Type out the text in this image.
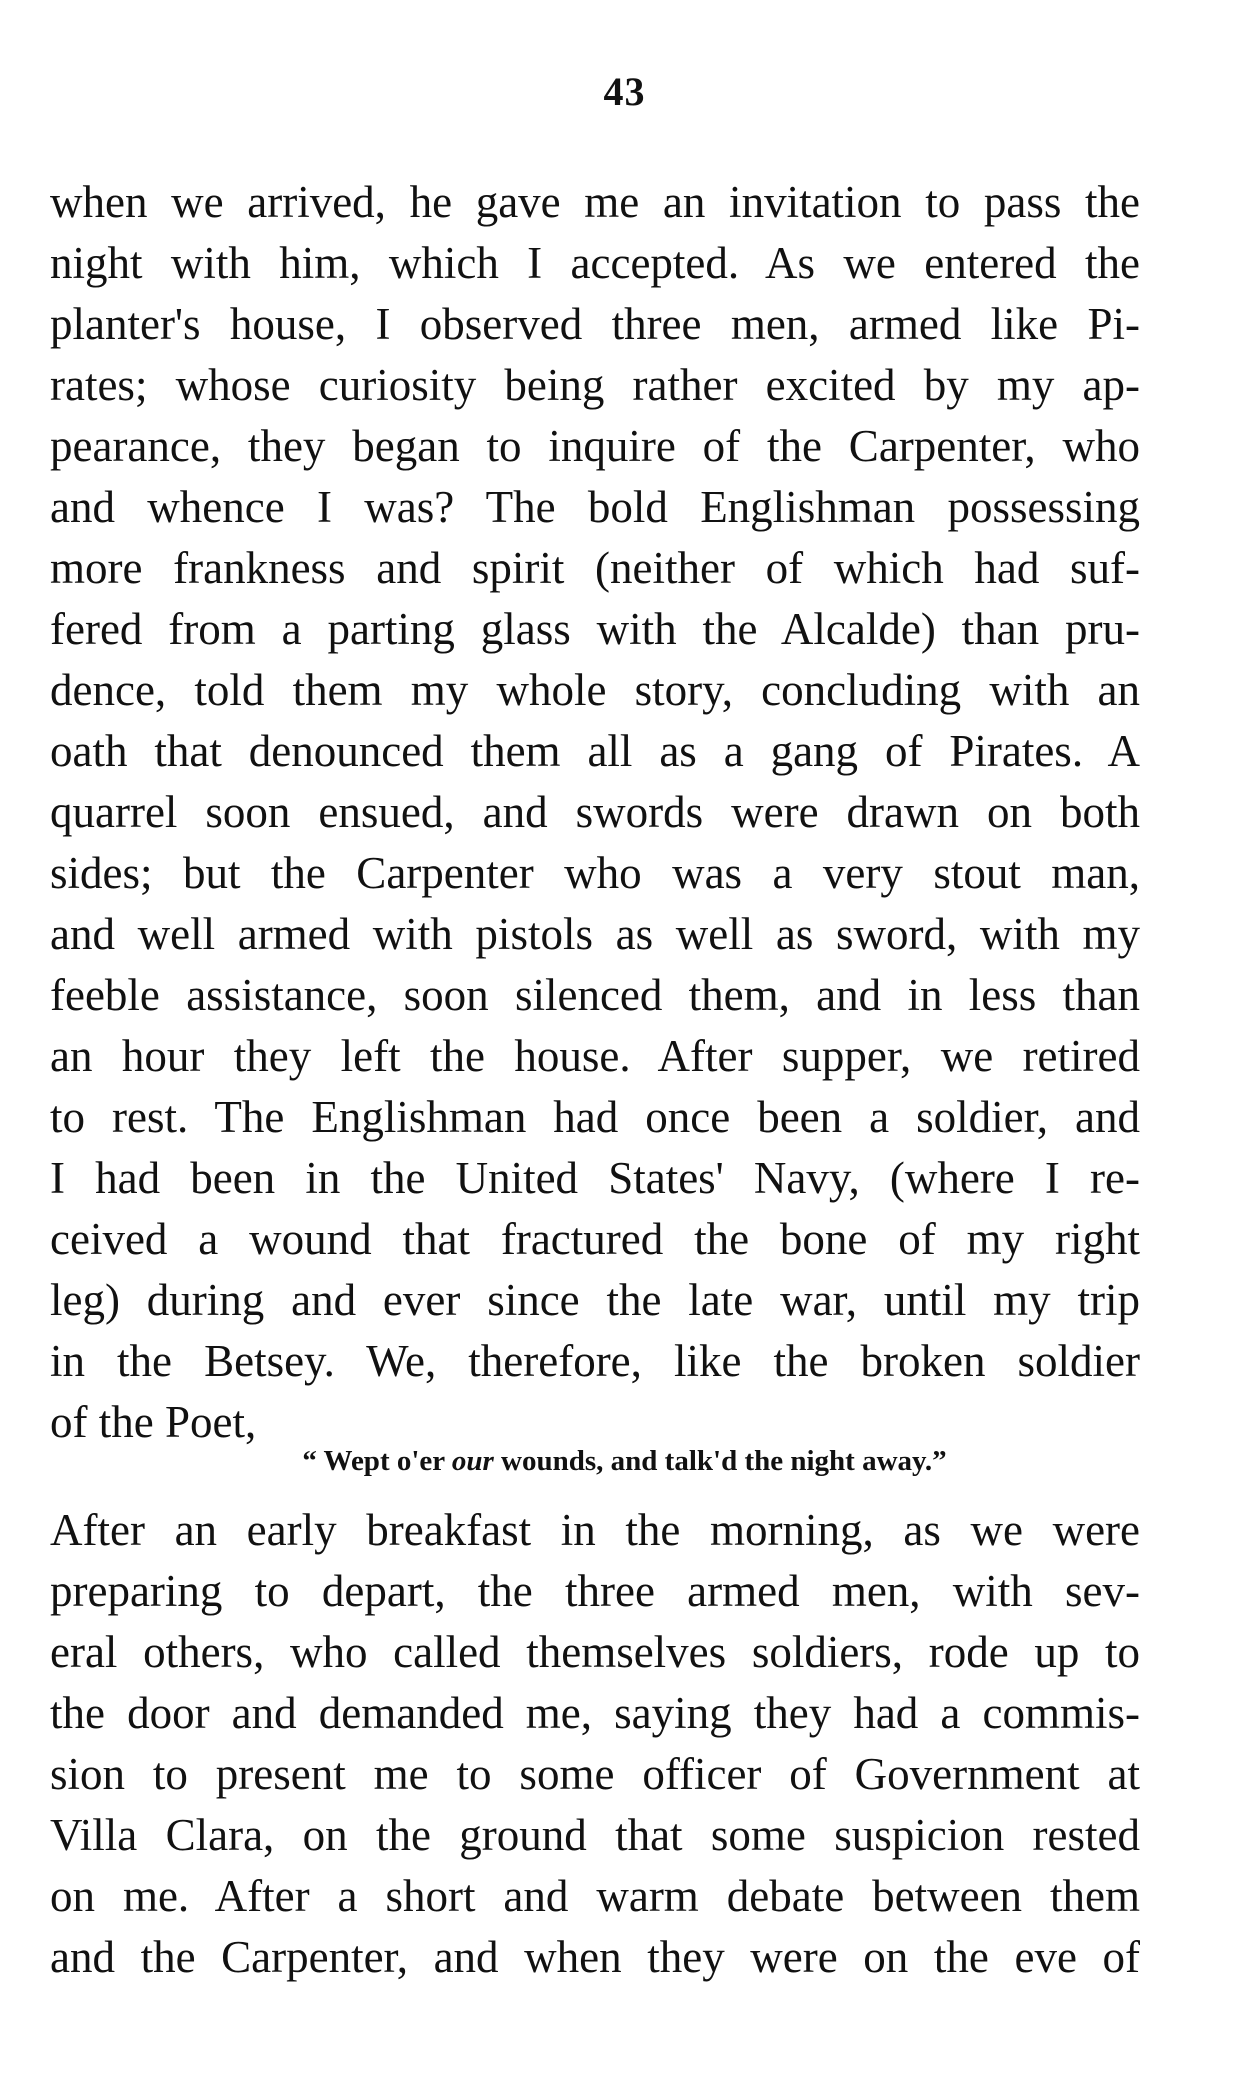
43
when we arrived, he gave me an invitation to pass the
night with him, which I accepted. As we entered the
planter's house, I observed three men, armed like Pi-
rates; whose curiosity being rather excited by my ap-
pearance, they began to inquire of the Carpenter, who
and whence I was? The bold Englishman possessing
more frankness and spirit (neither of which had suf-
fered from a parting glass with the Alcalde) than pru-
dence, told them my whole story, concluding with an
oath that denounced them all as a gang of Pirates. A
quarrel soon ensued, and swords were drawn on both
sides; but the Carpenter who was a very stout man,
and well armed with pistols as well as sword, with my
feeble assistance, soon silenced them, and in less than
an hour they left the house. After supper, we retired
to rest. The Englishman had once been a soldier, and
I had been in the United States' Navy, (where I re-
ceived a wound that fractured the bone of my right
leg) during and ever since the late war, until my trip
in the Betsey. We, therefore, like the broken soldier
of the Poet,
“ Wept o'er our wounds, and talk'd the night away.”
After an early breakfast in the morning, as we were
preparing to depart, the three armed men, with sev-
eral others, who called themselves soldiers, rode up to
the door and demanded me, saying they had a commis-
sion to present me to some officer of Government at
Villa Clara, on the ground that some suspicion rested
on me. After a short and warm debate between them
and the Carpenter, and when they were on the eve of
